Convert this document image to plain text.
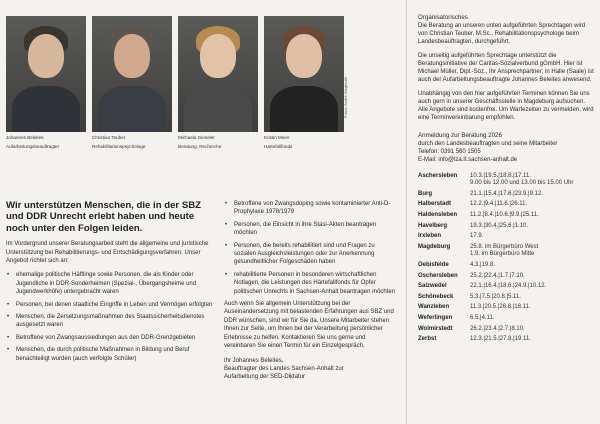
Johannes Beleites
Aufarbeitungsbeauftragter
Christian Teuber
Rehabilitationspsychologe
Michaela Gieseler
Beratung, Recherche
Kristin Meier
Härtefallfonds
Fotos: André Wagenzik
Wir unterstützen Menschen, die in der SBZ und DDR Unrecht erlebt haben und heute noch unter den Folgen leiden.

Im Vordergrund unserer Beratungsarbeit steht die allgemeine und juristische Unterstützung bei Rehabilitierungs- und Entschädigungsverfahren. Unser Angebot richtet sich an:

• ehemalige politische Häftlinge sowie Personen, die als Kinder oder Jugendliche in DDR-Sonderheimen (Spezial-, Übergangsheime und Jugendwerkhöfe) untergebracht waren
• Personen, bei denen staatliche Eingriffe in Leben und Vermögen erfolgten
• Menschen, die Zersetzungsmaßnahmen des Staatssicherheitsdienstes ausgesetzt waren
• Betroffene von Zwangsaussiedlungen aus den DDR-Grenzgebieten
• Menschen, die durch politische Maßnahmen in Bildung und Beruf benachteiligt wurden (auch verfolgte Schüler)
• Betroffene von Zwangsdoping sowie kontaminierter Anti-D-Prophylaxe 1978/1979
• Personen, die Einsicht in ihre Stasi-Akten beantragen möchten
• Personen, die bereits rehabilitiert sind und Fragen zu sozialen Ausgleichsleistungen oder zur Anerkennung gesundheitlicher Folgeschäden haben
• rehabilitierte Personen in besonderen wirtschaftlichen Notlagen, die Leistungen des Härtefallfonds für Opfer politischen Unrechts in Sachsen-Anhalt beantragen möchten

Auch wenn Sie allgemein Unterstützung bei der Auseinandersetzung mit belastenden Erfahrungen aus SBZ und DDR wünschen, sind wir für Sie da. Unsere Mitarbeiter stehen Ihnen zur Seite, um Ihnen bei der Verarbeitung persönlicher Erlebnisse zu helfen. Kontaktieren Sie uns gerne und vereinbaren Sie einen Termin für ein Einzelgespräch.

Ihr Johannes Beleites,
Beauftragter des Landes Sachsen-Anhalt zur
Aufarbeitung der SED-Diktatur
Organisatorisches

Die Beratung an unseren unten aufgeführten Sprechtagen wird von Christian Teuber, M.Sc., Rehabilitationspsychologe beim Landesbeauftragten, durchgeführt.

Die unseitig aufgeführten Sprechtage unterstützt die Beratungsinitiative der Caritas-Sozialverbund gGmbH. Hier ist Michael Müller, Dipl.-Soz., Ihr Ansprechpartner; in Halle (Saale) ist auch der Aufarbeitungsbeauftragte Johannes Beleites anwesend.

Unabhängig von den hier aufgeführten Terminen können Sie uns auch gern in unserer Geschäftsstelle in Magdeburg aufsuchen. Alle Angebote sind kostenfrei. Um Wartezeiten zu vermeiden, wird eine Terminvereinbarung empfohlen.

Anmeldung zur Beratung 2026
durch den Landesbeauftragten und seine Mitarbeiter
Telefon: 0391 560 1505
E-Mail: info@lza.lt.sachsen-anhalt.de
Aschersleben	10.3.|19.5.|18.8.|17.11.
9.00 bis 12.00 und 13.00 bis 15.00 Uhr
Burg	21.1.|15.4.|17.6.|23.9.|9.12.
Halberstadt	12.2.|9.4.|11.6.|26.11.
Haldensleben	11.2.|8.4.|10.6.|9.9.|25.11.
Havelberg	19.3.|30.4.|25.6.|1.10.
Irxleben	17.9.
Magdeburg	25.8. im Bürgerbüro West
1.9. im Bürgerbüro Mitte
Oebisfelde	4.3.|19.8.
Oschersleben	25.2.|22.4.|1.7.|7.10.
Salzwedel	22.1.|16.4.|18.6.|24.9.|10.12.
Schönebeck	5.3.|7.5.|20.8.|5.11.
Wanzleben	11.3.|20.5.|26.8.|18.11.
Weferlingen	6.5.|4.11.
Wolmirstedt	26.2.|23.4.|2.7.|8.10.
Zerbst	12.3.|21.5.|27.8.|19.11.
